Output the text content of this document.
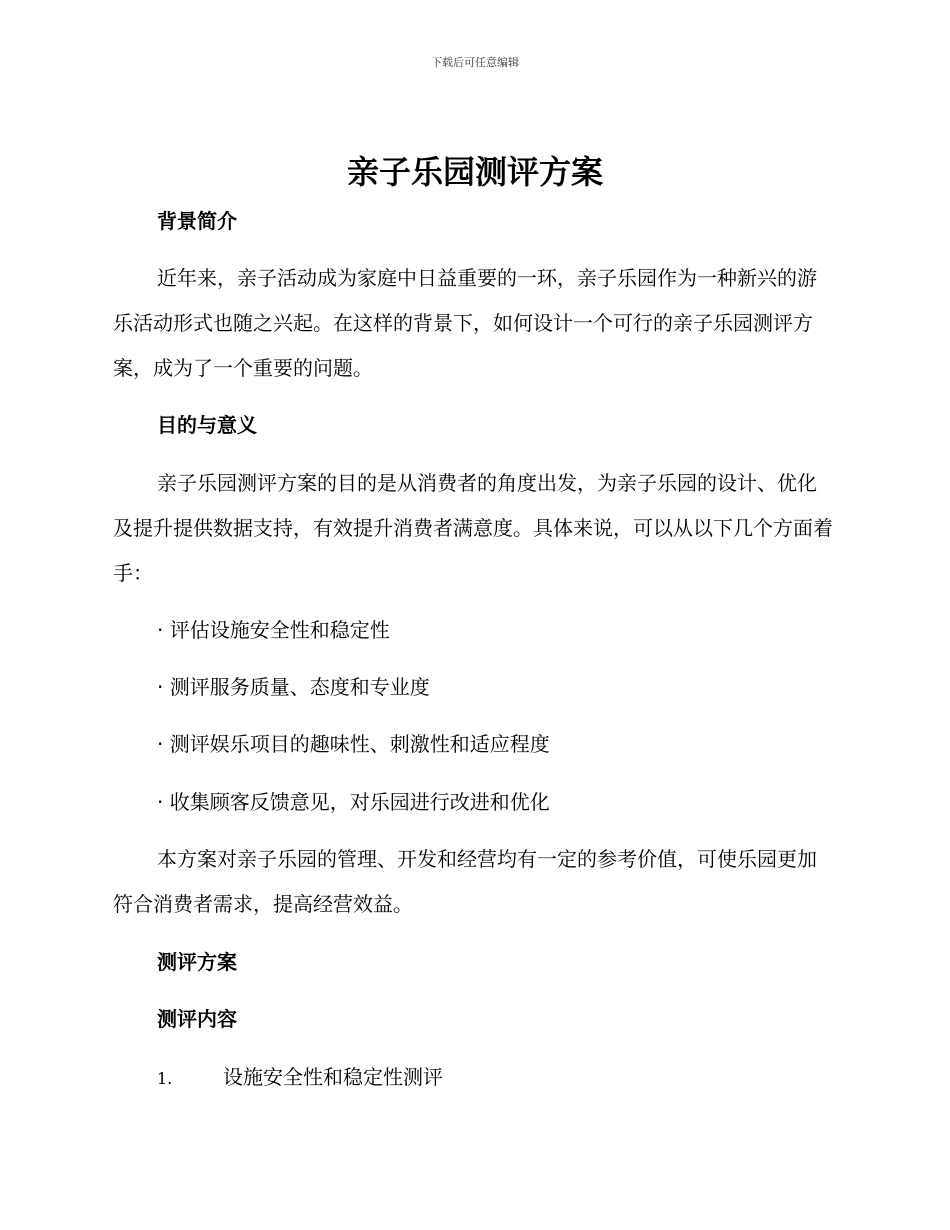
下载后可任意编辑
亲子乐园测评方案

背景简介

近年来，亲子活动成为家庭中日益重要的一环，亲子乐园作为一种新兴的游乐活动形式也随之兴起。在这样的背景下，如何设计一个可行的亲子乐园测评方案，成为了一个重要的问题。

目的与意义

亲子乐园测评方案的目的是从消费者的角度出发，为亲子乐园的设计、优化及提升提供数据支持，有效提升消费者满意度。具体来说，可以从以下几个方面着手：

· 评估设施安全性和稳定性

· 测评服务质量、态度和专业度

· 测评娱乐项目的趣味性、刺激性和适应程度

· 收集顾客反馈意见，对乐园进行改进和优化

本方案对亲子乐园的管理、开发和经营均有一定的参考价值，可使乐园更加符合消费者需求，提高经营效益。

测评方案

测评内容

1.	设施安全性和稳定性测评
